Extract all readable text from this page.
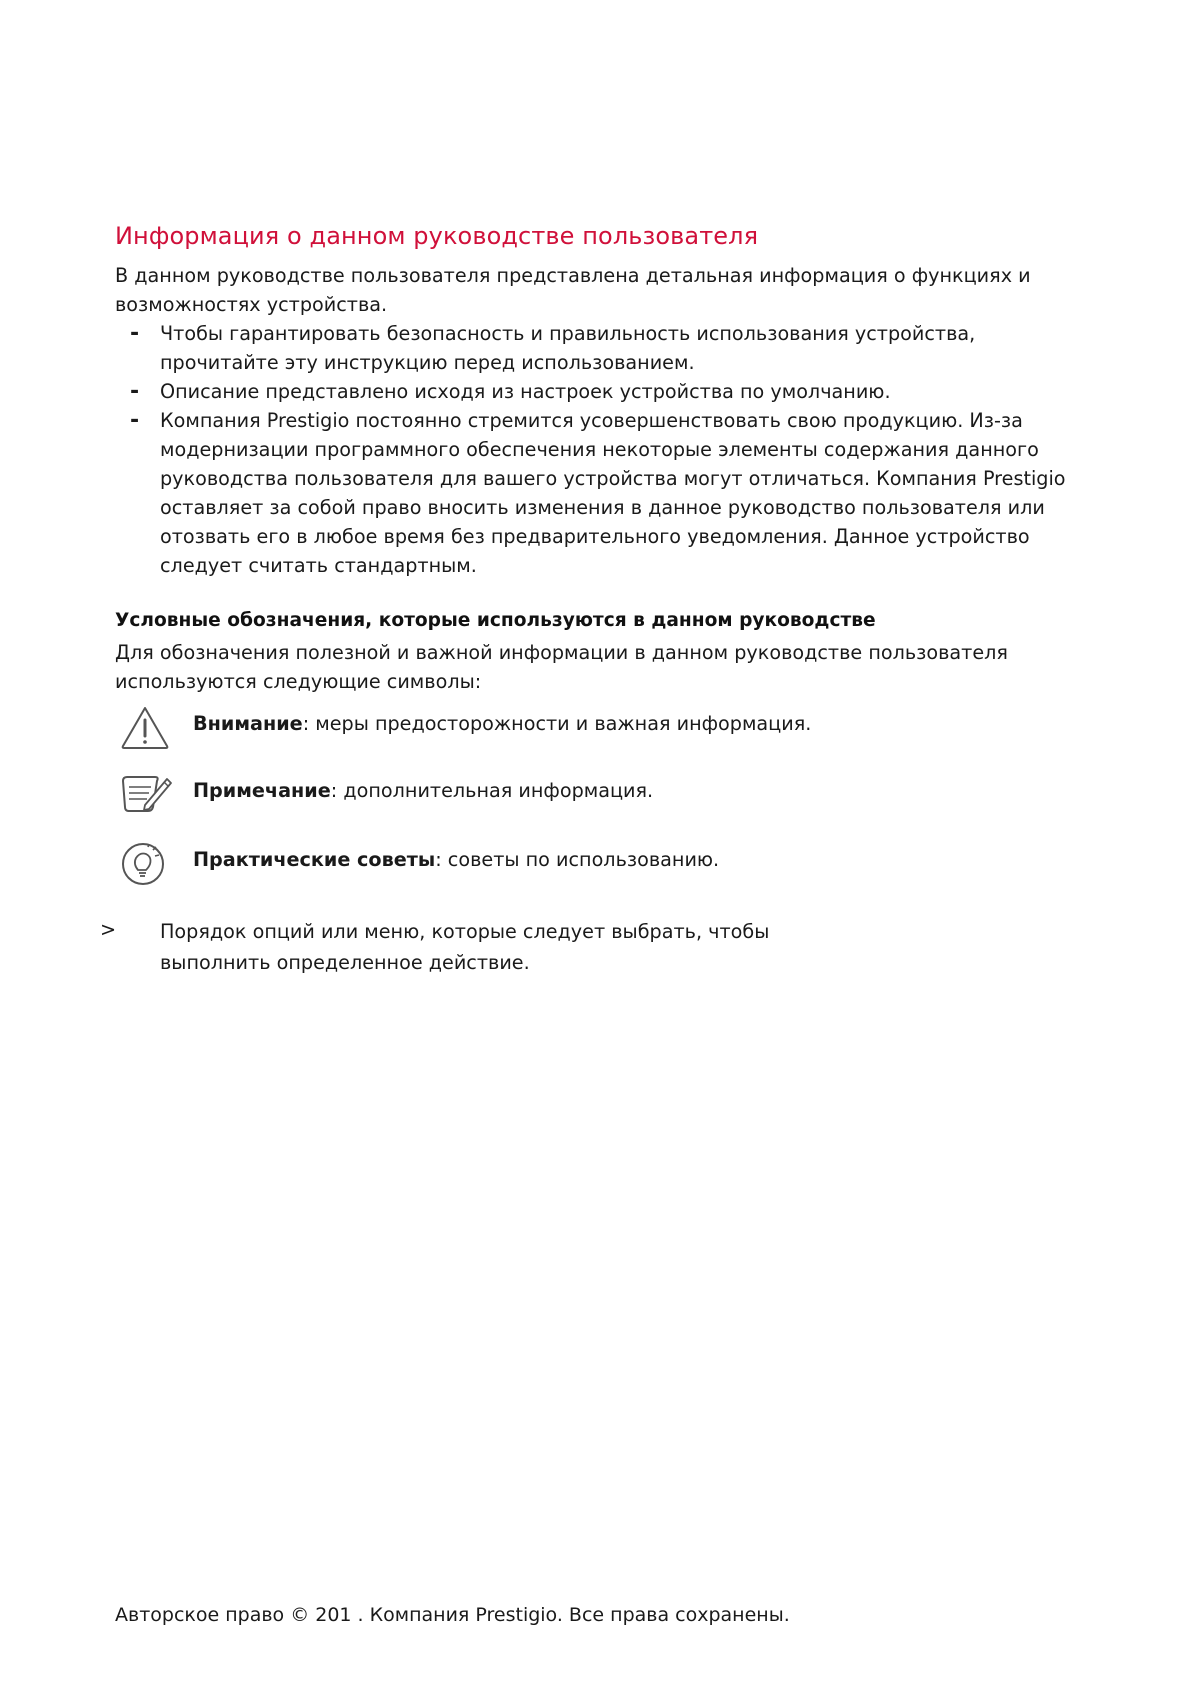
Информация о данном руководстве пользователя

В данном руководстве пользователя представлена детальная информация о функциях и возможностях устройства.

- Чтобы гарантировать безопасность и правильность использования устройства, прочитайте эту инструкцию перед использованием.
- Описание представлено исходя из настроек устройства по умолчанию.
- Компания Prestigio постоянно стремится усовершенствовать свою продукцию. Из-за модернизации программного обеспечения некоторые элементы содержания данного руководства пользователя для вашего устройства могут отличаться. Компания Prestigio оставляет за собой право вносить изменения в данное руководство пользователя или отозвать его в любое время без предварительного уведомления. Данное устройство следует считать стандартным.
Условные обозначения, которые используются в данном руководстве

Для обозначения полезной и важной информации в данном руководстве пользователя используются следующие символы:

Внимание: меры предосторожности и важная информация.
Примечание: дополнительная информация.
Практические советы: советы по использованию.
> Порядок опций или меню, которые следует выбрать, чтобы выполнить определенное действие.

Авторское право © 201 . Компания Prestigio. Все права сохранены.
